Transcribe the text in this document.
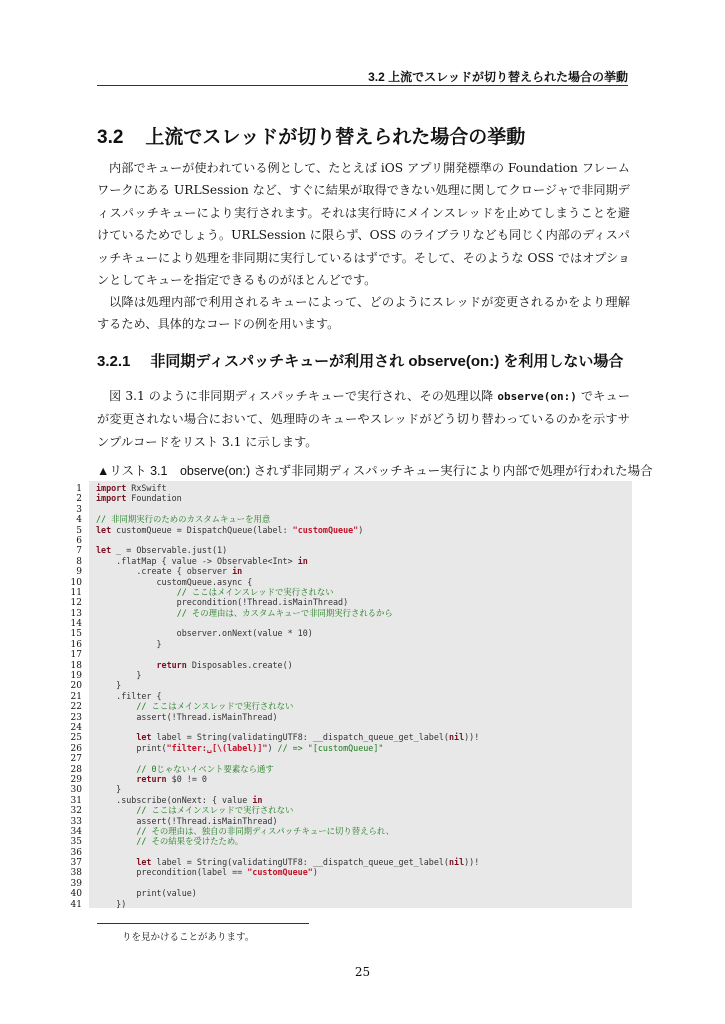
3.2 上流でスレッドが切り替えられた場合の挙動
3.2 上流でスレッドが切り替えられた場合の挙動

内部でキューが使われている例として、たとえば iOS アプリ開発標準の Foundation フレームワークにある URLSession など、すぐに結果が取得できない処理に関してクロージャで非同期ディスパッチキューにより実行されます。それは実行時にメインスレッドを止めてしまうことを避けているためでしょう。URLSession に限らず、OSS のライブラリなども同じく内部のディスパッチキューにより処理を非同期に実行しているはずです。そして、そのような OSS ではオプションとしてキューを指定できるものがほとんどです。

以降は処理内部で利用されるキューによって、どのようにスレッドが変更されるかをより理解するため、具体的なコードの例を用います。

3.2.1 非同期ディスパッチキューが利用され observe(on:) を利用しない場合

図 3.1 のように非同期ディスパッチキューで実行され、その処理以降 observe(on:) でキューが変更されない場合において、処理時のキューやスレッドがどう切り替わっているのかを示すサンプルコードをリスト 3.1 に示します。

▲リスト 3.1　observe(on:) されず非同期ディスパッチキュー実行により内部で処理が行われた場合
1 import RxSwift
2 import Foundation
3
4 // 非同期実行のためのカスタムキューを用意
5 let customQueue = DispatchQueue(label: "customQueue")
6
7 let _ = Observable.just(1)
8    .flatMap { value -> Observable<Int> in
9        .create { observer in
10            customQueue.async {
11	// ここはメインスレッドで実行されない
12                precondition(!Thread.isMainThread)
13	// その理由は、カスタムキューで非同期実行されるから
14
15                observer.onNext(value * 10)
16            }
17
18	return Disposables.create()
19        }
20    }
21    .filter {
22	// ここはメインスレッドで実行されない
23        assert(!Thread.isMainThread)
24
25	let label = String(validatingUTF8: __dispatch_queue_get_label(nil))!
26        print("filter:␣[\(label)]") // => "[customQueue]"
27
28	// 0じゃないイベント要素なら通す
29	return $0 != 0
30    }
31    .subscribe(onNext: { value in
32	// ここはメインスレッドで実行されない
33        assert(!Thread.isMainThread)
34	// その理由は、独自の非同期ディスパッチキューに切り替えられ、
35	// その結果を受けたため。
36
37	let label = String(validatingUTF8: __dispatch_queue_get_label(nil))!
38        precondition(label == "customQueue")
39
40        print(value)
41    })
りを見かけることがあります。
25
